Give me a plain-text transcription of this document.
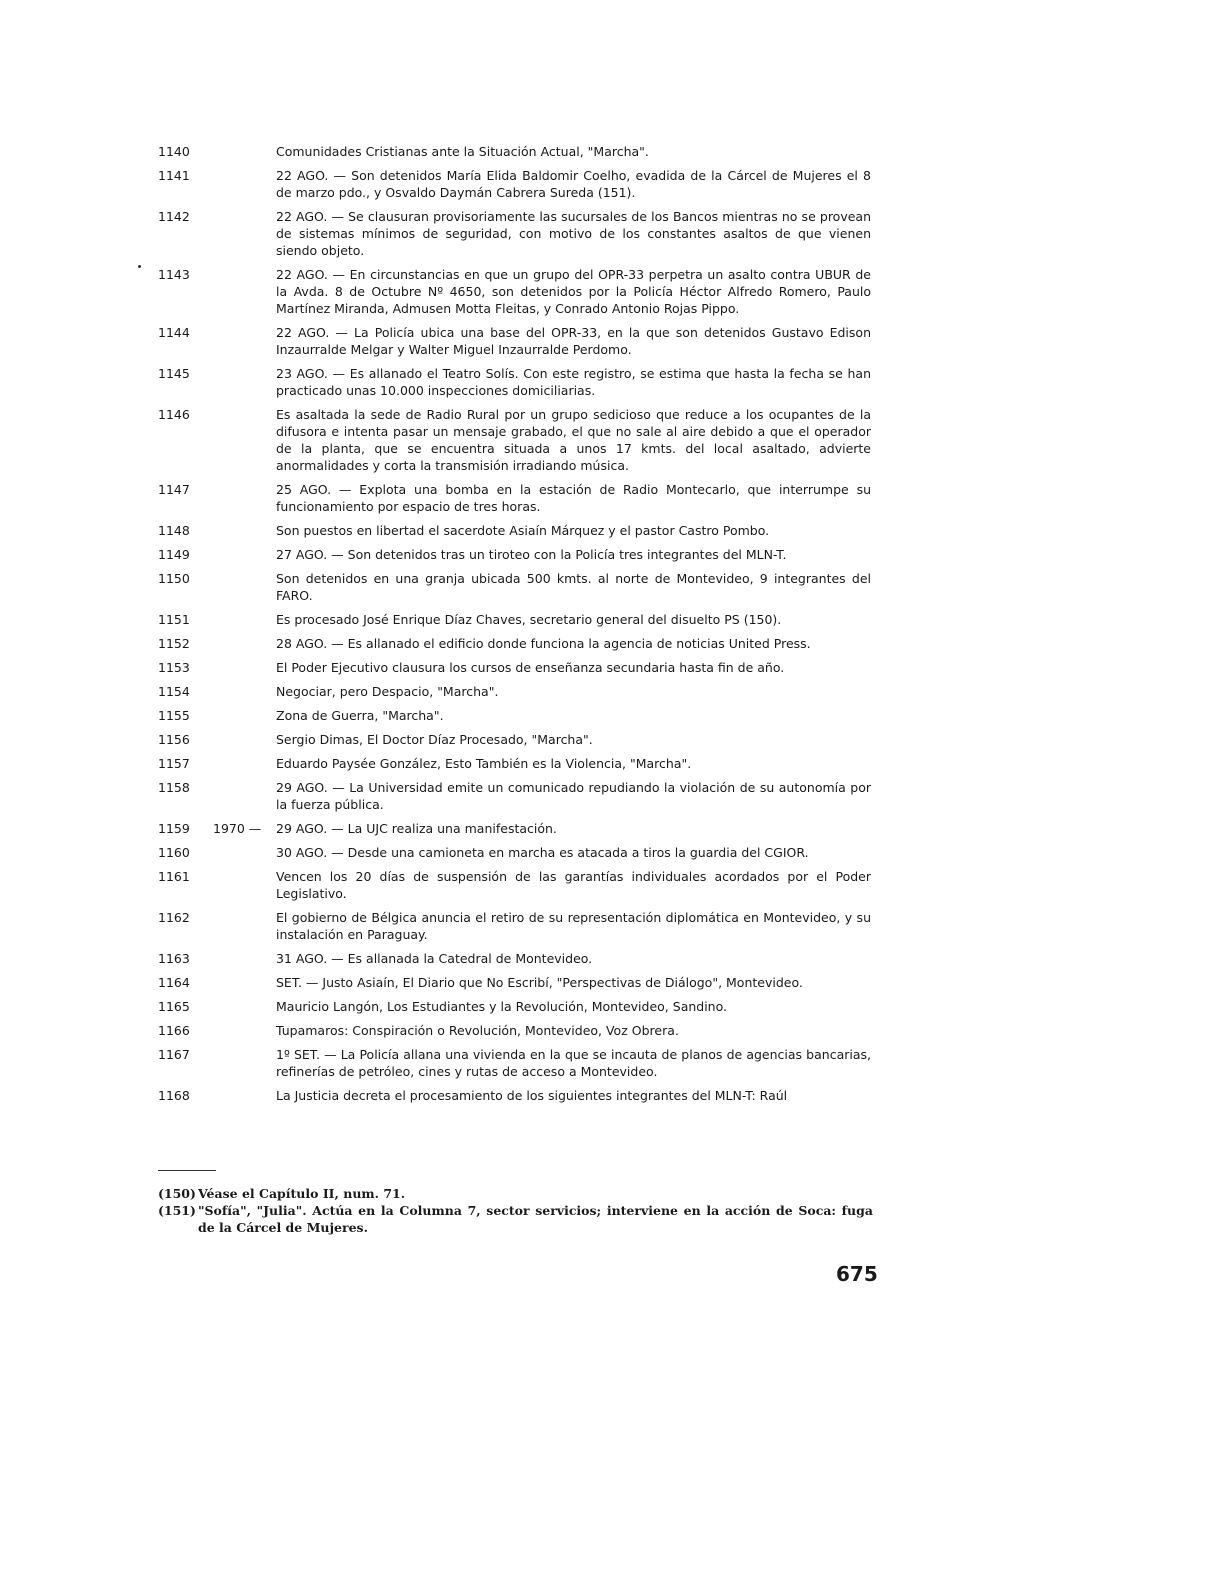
1140	Comunidades Cristianas ante la Situación Actual, "Marcha".
1141	22 AGO. — Son detenidos María Elida Baldomir Coelho, evadida de la Cárcel de Mujeres el 8 de marzo pdo., y Osvaldo Daymán Cabrera Sureda (151).
1142	22 AGO. — Se clausuran provisoriamente las sucursales de los Bancos mientras no se provean de sistemas mínimos de seguridad, con motivo de los constantes asaltos de que vienen siendo objeto.
1143	22 AGO. — En circunstancias en que un grupo del OPR-33 perpetra un asalto contra UBUR de la Avda. 8 de Octubre Nº 4650, son detenidos por la Policía Héctor Alfredo Romero, Paulo Martínez Miranda, Admusen Motta Fleitas, y Conrado Antonio Rojas Pippo.
1144	22 AGO. — La Policía ubica una base del OPR-33, en la que son detenidos Gustavo Edison Inzaurralde Melgar y Walter Miguel Inzaurralde Perdomo.
1145	23 AGO. — Es allanado el Teatro Solís. Con este registro, se estima que hasta la fecha se han practicado unas 10.000 inspecciones domiciliarias.
1146	Es asaltada la sede de Radio Rural por un grupo sedicioso que reduce a los ocupantes de la difusora e intenta pasar un mensaje grabado, el que no sale al aire debido a que el operador de la planta, que se encuentra situada a unos 17 kmts. del local asaltado, advierte anormalidades y corta la transmisión irradiando música.
1147	25 AGO. — Explota una bomba en la estación de Radio Montecarlo, que interrumpe su funcionamiento por espacio de tres horas.
1148	Son puestos en libertad el sacerdote Asiaín Márquez y el pastor Castro Pombo.
1149	27 AGO. — Son detenidos tras un tiroteo con la Policía tres integrantes del MLN-T.
1150	Son detenidos en una granja ubicada 500 kmts. al norte de Montevideo, 9 integrantes del FARO.
1151	Es procesado José Enrique Díaz Chaves, secretario general del disuelto PS (150).
1152	28 AGO. — Es allanado el edificio donde funciona la agencia de noticias United Press.
1153	El Poder Ejecutivo clausura los cursos de enseñanza secundaria hasta fin de año.
1154	Negociar, pero Despacio, "Marcha".
1155	Zona de Guerra, "Marcha".
1156	Sergio Dimas, El Doctor Díaz Procesado, "Marcha".
1157	Eduardo Paysée González, Esto También es la Violencia, "Marcha".
1158	29 AGO. — La Universidad emite un comunicado repudiando la violación de su autonomía por la fuerza pública.
1159	1970 —	29 AGO. — La UJC realiza una manifestación.
1160	30 AGO. — Desde una camioneta en marcha es atacada a tiros la guardia del CGIOR.
1161	Vencen los 20 días de suspensión de las garantías individuales acordados por el Poder Legislativo.
1162	El gobierno de Bélgica anuncia el retiro de su representación diplomática en Montevideo, y su instalación en Paraguay.
1163	31 AGO. — Es allanada la Catedral de Montevideo.
1164	SET. — Justo Asiaín, El Diario que No Escribí, "Perspectivas de Diálogo", Montevideo.
1165	Mauricio Langón, Los Estudiantes y la Revolución, Montevideo, Sandino.
1166	Tupamaros: Conspiración o Revolución, Montevideo, Voz Obrera.
1167	1º SET. — La Policía allana una vivienda en la que se incauta de planos de agencias bancarias, refinerías de petróleo, cines y rutas de acceso a Montevideo.
1168	La Justicia decreta el procesamiento de los siguientes integrantes del MLN-T: Raúl
(150) Véase el Capítulo II, num. 71.
(151) "Sofía", "Julia". Actúa en la Columna 7, sector servicios; interviene en la acción de Soca: fuga de la Cárcel de Mujeres.
675
